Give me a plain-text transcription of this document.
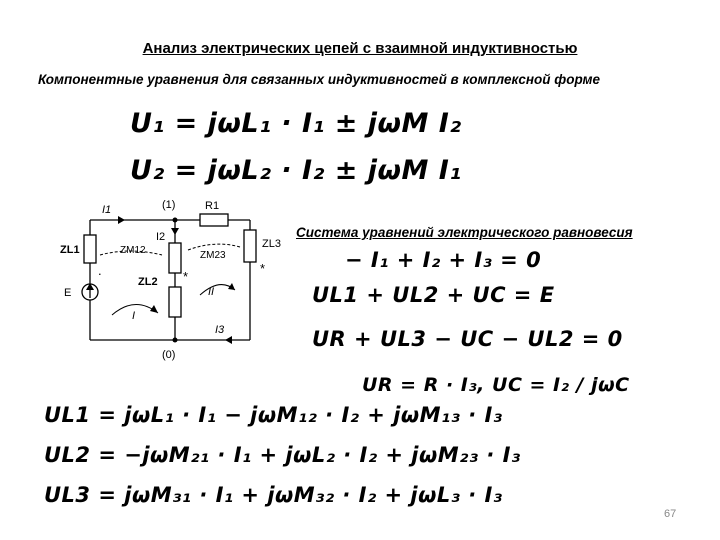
Анализ электрических цепей с взаимной индуктивностью
Компонентные уравнения для связанных индуктивностей в комплексной форме
U₁ = jωL₁ · I₁ ± jωM I₂
U₂ = jωL₂ · I₂ ± jωM I₁
(1)
(0)
R1
ZL1
ZL2
ZL3
ZM12	ZM23
E
I1
I2
I3
I
II
*
*
.
Система уравнений электрического равновесия
− I₁ + I₂ + I₃ = 0
UL1 + UL2 + UC = E
UR + UL3 − UC − UL2 = 0
UR = R · I₃, UC = I₂ / jωC
UL1 = jωL₁ · I₁ − jωM₁₂ · I₂ + jωM₁₃ · I₃
UL2 = −jωM₂₁ · I₁ + jωL₂ · I₂ + jωM₂₃ · I₃
UL3 = jωM₃₁ · I₁ + jωM₃₂ · I₂ + jωL₃ · I₃
67
